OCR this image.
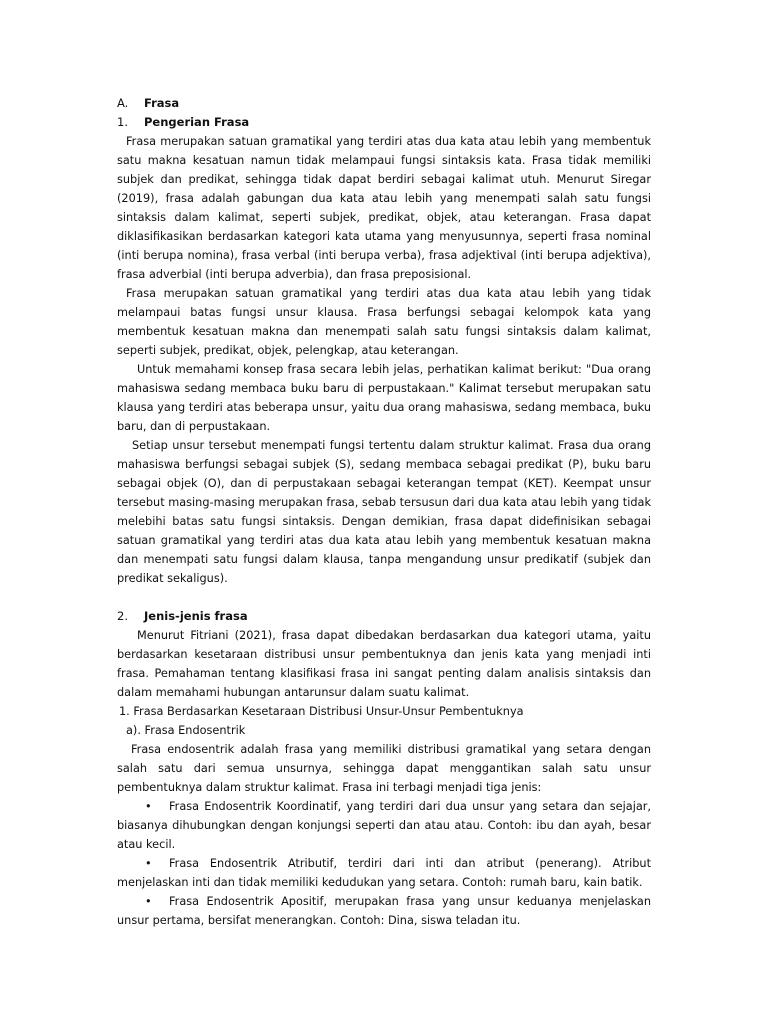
A.	Frasa
1.	Pengerian Frasa

Frasa merupakan satuan gramatikal yang terdiri atas dua kata atau lebih yang membentuk satu makna kesatuan namun tidak melampaui fungsi sintaksis kata. Frasa tidak memiliki subjek dan predikat, sehingga tidak dapat berdiri sebagai kalimat utuh. Menurut Siregar (2019), frasa adalah gabungan dua kata atau lebih yang menempati salah satu fungsi sintaksis dalam kalimat, seperti subjek, predikat, objek, atau keterangan. Frasa dapat diklasifikasikan berdasarkan kategori kata utama yang menyusunnya, seperti frasa nominal (inti berupa nomina), frasa verbal (inti berupa verba), frasa adjektival (inti berupa adjektiva), frasa adverbial (inti berupa adverbia), dan frasa preposisional.

Frasa merupakan satuan gramatikal yang terdiri atas dua kata atau lebih yang tidak melampaui batas fungsi unsur klausa. Frasa berfungsi sebagai kelompok kata yang membentuk kesatuan makna dan menempati salah satu fungsi sintaksis dalam kalimat, seperti subjek, predikat, objek, pelengkap, atau keterangan.

Untuk memahami konsep frasa secara lebih jelas, perhatikan kalimat berikut: "Dua orang mahasiswa sedang membaca buku baru di perpustakaan." Kalimat tersebut merupakan satu klausa yang terdiri atas beberapa unsur, yaitu dua orang mahasiswa, sedang membaca, buku baru, dan di perpustakaan.

Setiap unsur tersebut menempati fungsi tertentu dalam struktur kalimat. Frasa dua orang mahasiswa berfungsi sebagai subjek (S), sedang membaca sebagai predikat (P), buku baru sebagai objek (O), dan di perpustakaan sebagai keterangan tempat (KET). Keempat unsur tersebut masing-masing merupakan frasa, sebab tersusun dari dua kata atau lebih yang tidak melebihi batas satu fungsi sintaksis. Dengan demikian, frasa dapat didefinisikan sebagai satuan gramatikal yang terdiri atas dua kata atau lebih yang membentuk kesatuan makna dan menempati satu fungsi dalam klausa, tanpa mengandung unsur predikatif (subjek dan predikat sekaligus).

2.	Jenis-jenis frasa

Menurut Fitriani (2021), frasa dapat dibedakan berdasarkan dua kategori utama, yaitu berdasarkan kesetaraan distribusi unsur pembentuknya dan jenis kata yang menjadi inti frasa. Pemahaman tentang klasifikasi frasa ini sangat penting dalam analisis sintaksis dan dalam memahami hubungan antarunsur dalam suatu kalimat.

1. Frasa Berdasarkan Kesetaraan Distribusi Unsur-Unsur Pembentuknya

a). Frasa Endosentrik

Frasa endosentrik adalah frasa yang memiliki distribusi gramatikal yang setara dengan salah satu dari semua unsurnya, sehingga dapat menggantikan salah satu unsur pembentuknya dalam struktur kalimat. Frasa ini terbagi menjadi tiga jenis:

• Frasa Endosentrik Koordinatif, yang terdiri dari dua unsur yang setara dan sejajar, biasanya dihubungkan dengan konjungsi seperti dan atau atau. Contoh: ibu dan ayah, besar atau kecil.

• Frasa Endosentrik Atributif, terdiri dari inti dan atribut (penerang). Atribut menjelaskan inti dan tidak memiliki kedudukan yang setara. Contoh: rumah baru, kain batik.

• Frasa Endosentrik Apositif, merupakan frasa yang unsur keduanya menjelaskan unsur pertama, bersifat menerangkan. Contoh: Dina, siswa teladan itu.
